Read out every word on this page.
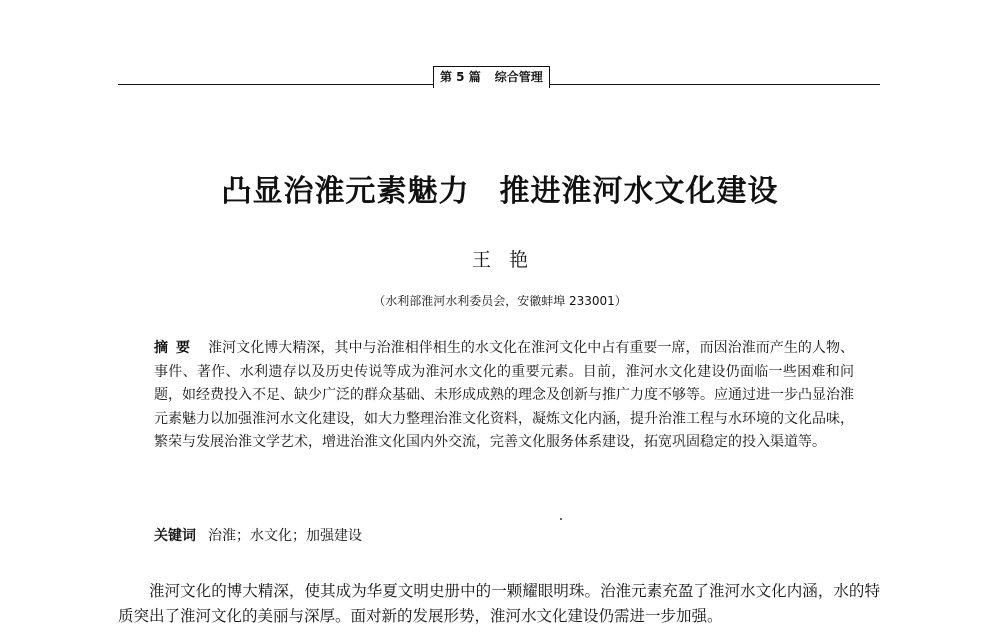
第 5 篇 综合管理
凸显治淮元素魅力 推进淮河水文化建设
王艳
（水利部淮河水利委员会，安徽蚌埠 233001）
摘要 淮河文化博大精深，其中与治淮相伴相生的水文化在淮河文化中占有重要一席，而因治淮而产生的人物、事件、著作、水利遗存以及历史传说等成为淮河水文化的重要元素。目前，淮河水文化建设仍面临一些困难和问题，如经费投入不足、缺少广泛的群众基础、未形成成熟的理念及创新与推广力度不够等。应通过进一步凸显治淮元素魅力以加强淮河水文化建设，如大力整理治淮文化资料，凝炼文化内涵，提升治淮工程与水环境的文化品味，繁荣与发展治淮文学艺术，增进治淮文化国内外交流，完善文化服务体系建设，拓宽巩固稳定的投入渠道等。
关键词 治淮；水文化；加强建设
淮河文化的博大精深，使其成为华夏文明史册中的一颗耀眼明珠。治淮元素充盈了淮河水文化内涵，水的特质突出了淮河文化的美丽与深厚。面对新的发展形势，淮河水文化建设仍需进一步加强。
